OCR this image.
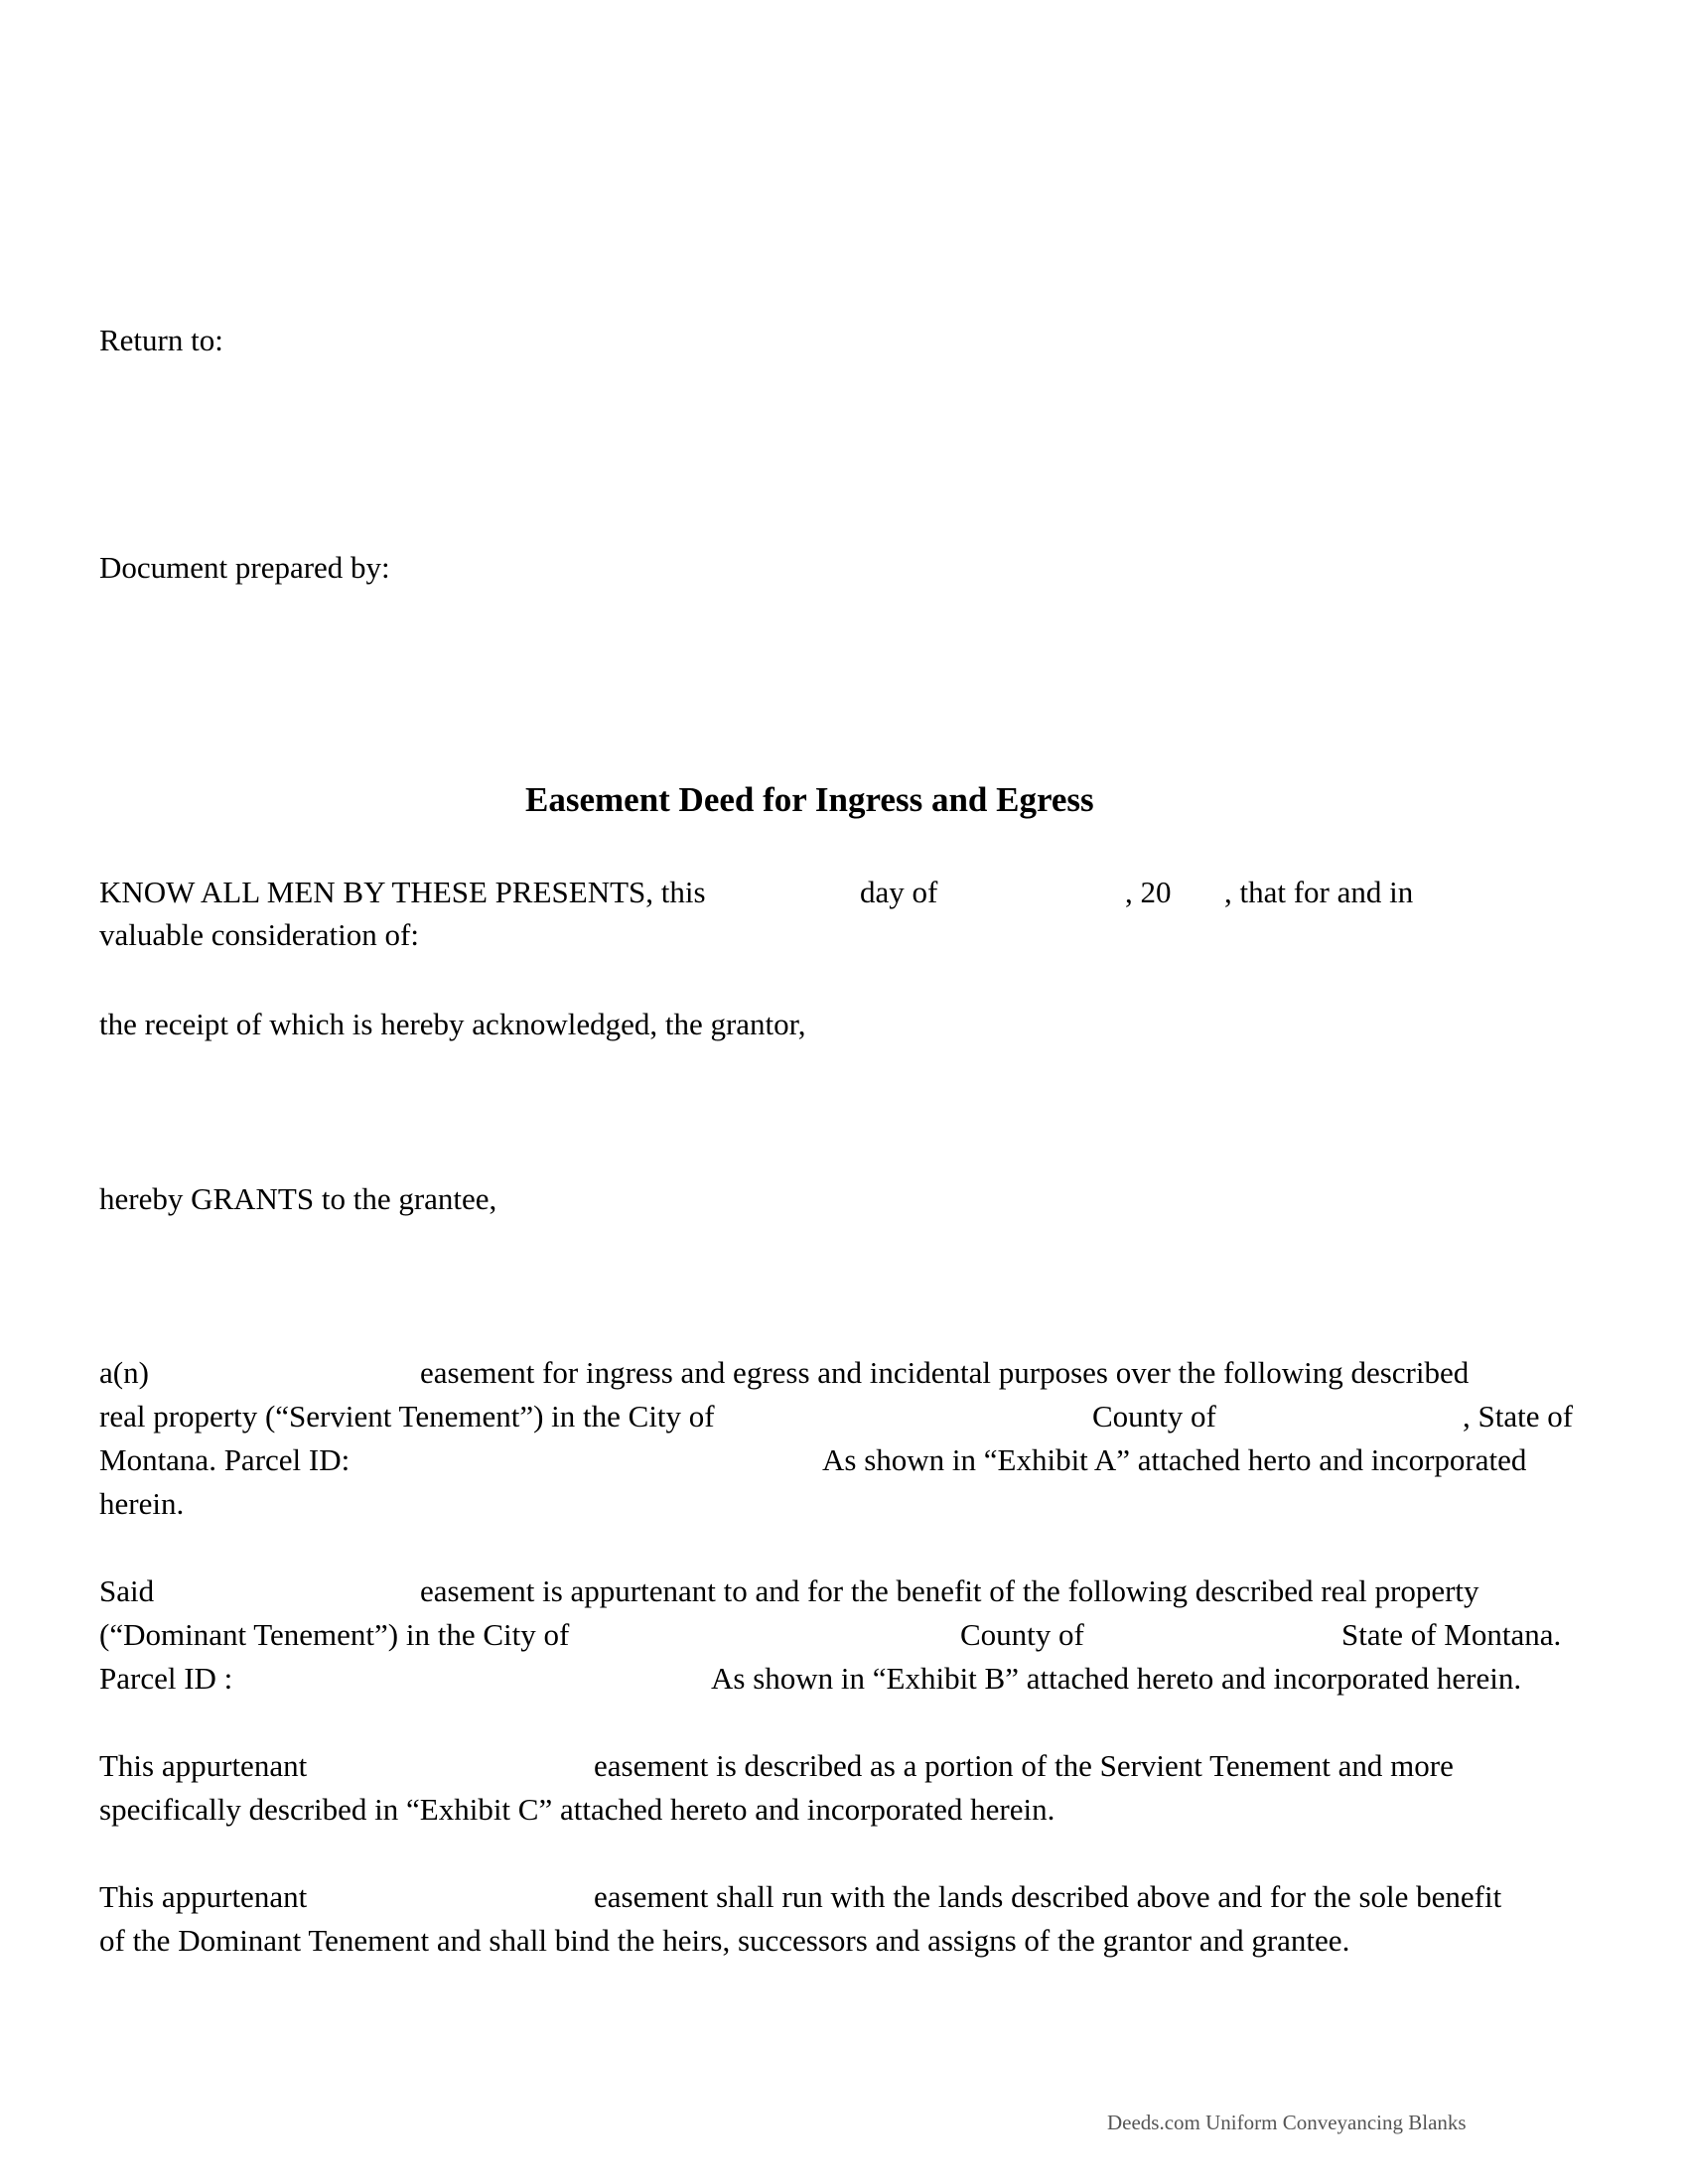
Return to:
Document prepared by:
Easement Deed for Ingress and Egress
KNOW ALL MEN BY THESE PRESENTS, this	day of	, 20 , that for and in
valuable consideration of:
the receipt of which is hereby acknowledged, the grantor,
hereby GRANTS to the grantee,
a(n)	easement for ingress and egress and incidental purposes over the following described
real property (“Servient Tenement”) in the City of	County of	, State of
Montana. Parcel ID:	As shown in “Exhibit A” attached herto and incorporated
herein.
Said	easement is appurtenant to and for the benefit of the following described real property
(“Dominant Tenement”) in the City of	County of	State of Montana.
Parcel ID :	As shown in “Exhibit B” attached hereto and incorporated herein.
This appurtenant	easement is described as a portion of the Servient Tenement and more
specifically described in “Exhibit C” attached hereto and incorporated herein.
This appurtenant	easement shall run with the lands described above and for the sole benefit
of the Dominant Tenement and shall bind the heirs, successors and assigns of the grantor and grantee.
Deeds.com Uniform Conveyancing Blanks
